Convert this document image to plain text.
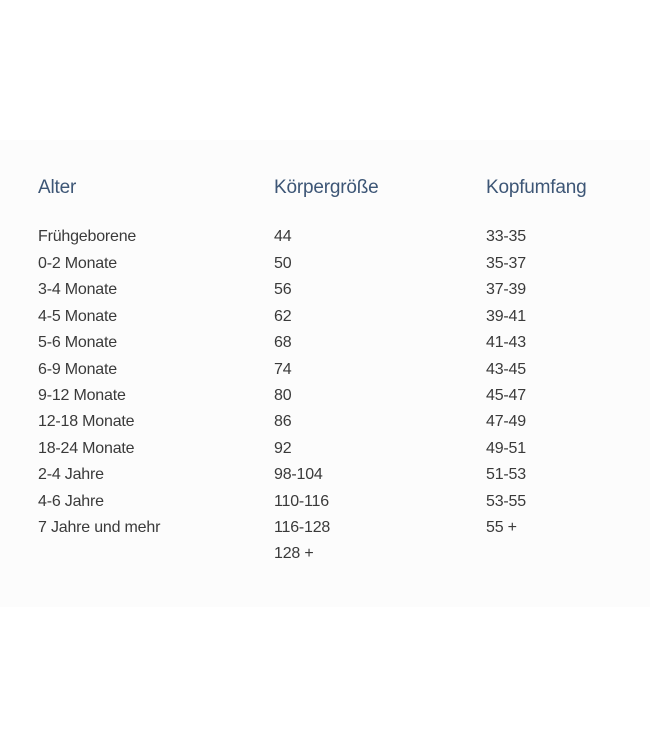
Alter
Frühgeborene
0-2 Monate
3-4 Monate
4-5 Monate
5-6 Monate
6-9 Monate
9-12 Monate
12-18 Monate
18-24 Monate
2-4 Jahre
4-6 Jahre
7 Jahre und mehr
Körpergröße
44
50
56
62
68
74
80
86
92
98-104
110-116
116-128
128 +
Kopfumfang
33-35
35-37
37-39
39-41
41-43
43-45
45-47
47-49
49-51
51-53
53-55
55 +
